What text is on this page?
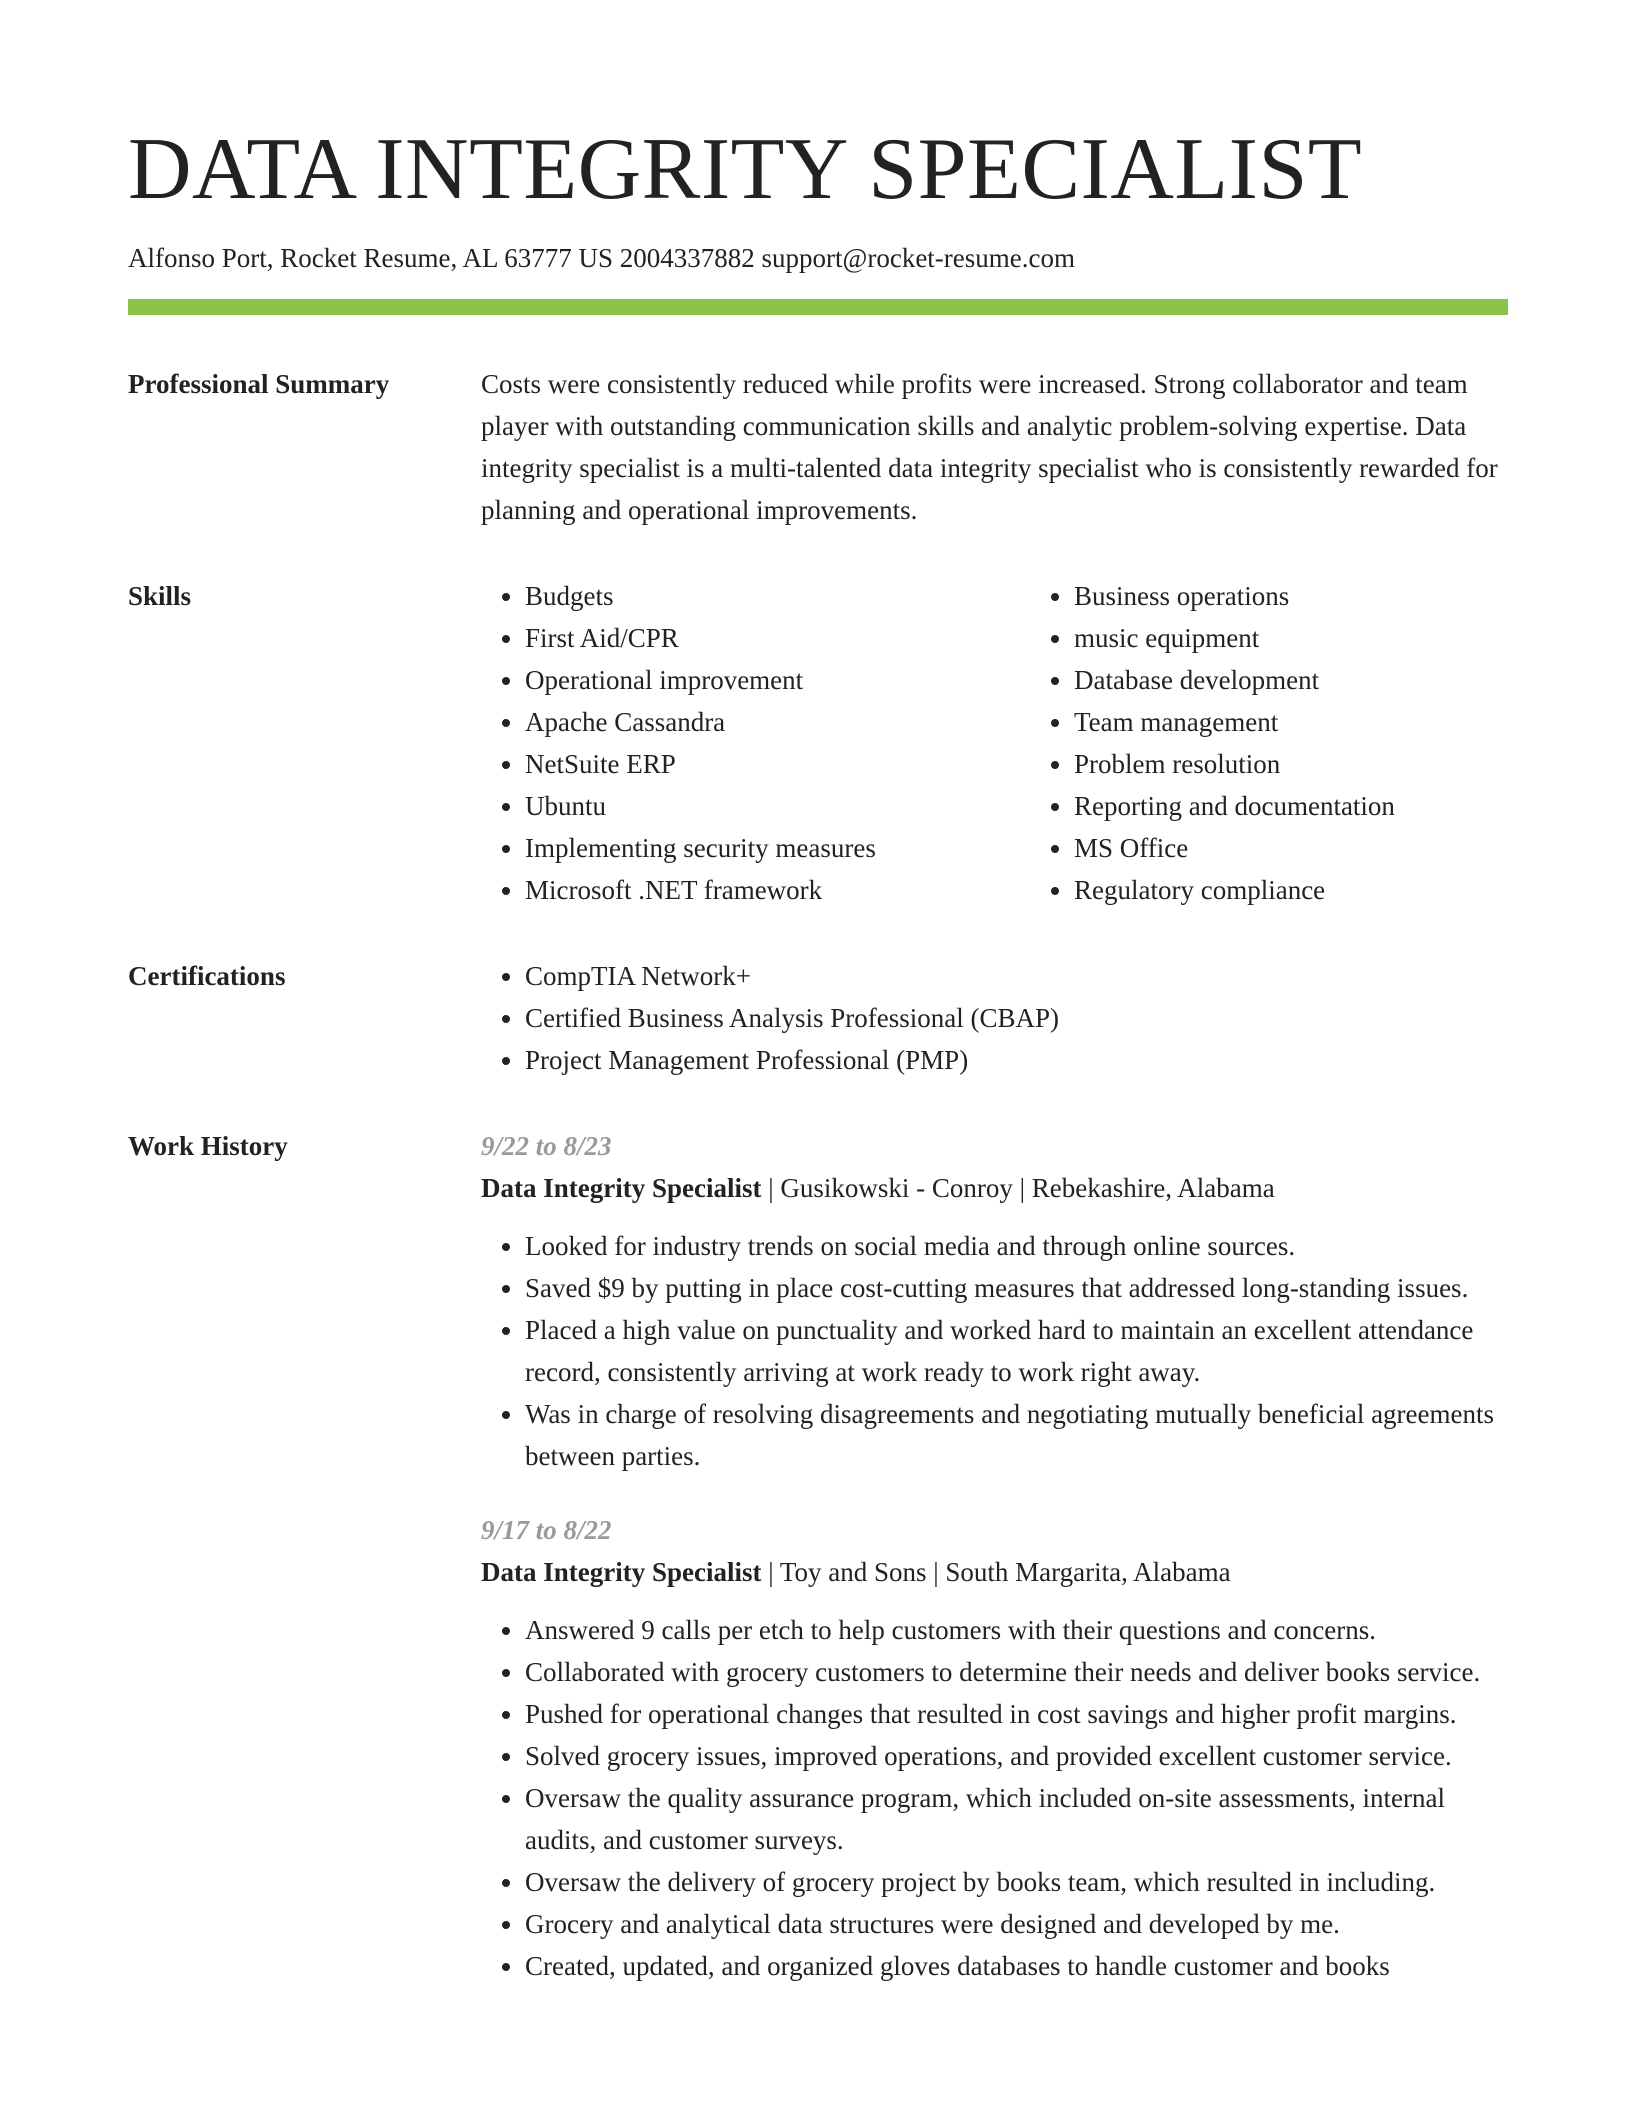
DATA INTEGRITY SPECIALIST
Alfonso Port, Rocket Resume, AL 63777 US 2004337882 support@rocket-resume.com
Professional Summary	Costs were consistently reduced while profits were increased. Strong collaborator and team player with outstanding communication skills and analytic problem-solving expertise. Data integrity specialist is a multi-talented data integrity specialist who is consistently rewarded for planning and operational improvements.

Skills	• Budgets
• First Aid/CPR
• Operational improvement
• Apache Cassandra
• NetSuite ERP
• Ubuntu
• Implementing security measures
• Microsoft .NET framework
• Business operations
• music equipment
• Database development
• Team management
• Problem resolution
• Reporting and documentation
• MS Office
• Regulatory compliance
Certifications	• CompTIA Network+
• Certified Business Analysis Professional (CBAP)
• Project Management Professional (PMP)
Work History	9/22 to 8/23
Data Integrity Specialist | Gusikowski - Conroy | Rebekashire, Alabama
• Looked for industry trends on social media and through online sources.
• Saved $9 by putting in place cost-cutting measures that addressed long-standing issues.
• Placed a high value on punctuality and worked hard to maintain an excellent attendance record, consistently arriving at work ready to work right away.
• Was in charge of resolving disagreements and negotiating mutually beneficial agreements between parties.
9/17 to 8/22
Data Integrity Specialist | Toy and Sons | South Margarita, Alabama
• Answered 9 calls per etch to help customers with their questions and concerns.
• Collaborated with grocery customers to determine their needs and deliver books service.
• Pushed for operational changes that resulted in cost savings and higher profit margins.
• Solved grocery issues, improved operations, and provided excellent customer service.
• Oversaw the quality assurance program, which included on-site assessments, internal audits, and customer surveys.
• Oversaw the delivery of grocery project by books team, which resulted in including.
• Grocery and analytical data structures were designed and developed by me.
• Created, updated, and organized gloves databases to handle customer and books
